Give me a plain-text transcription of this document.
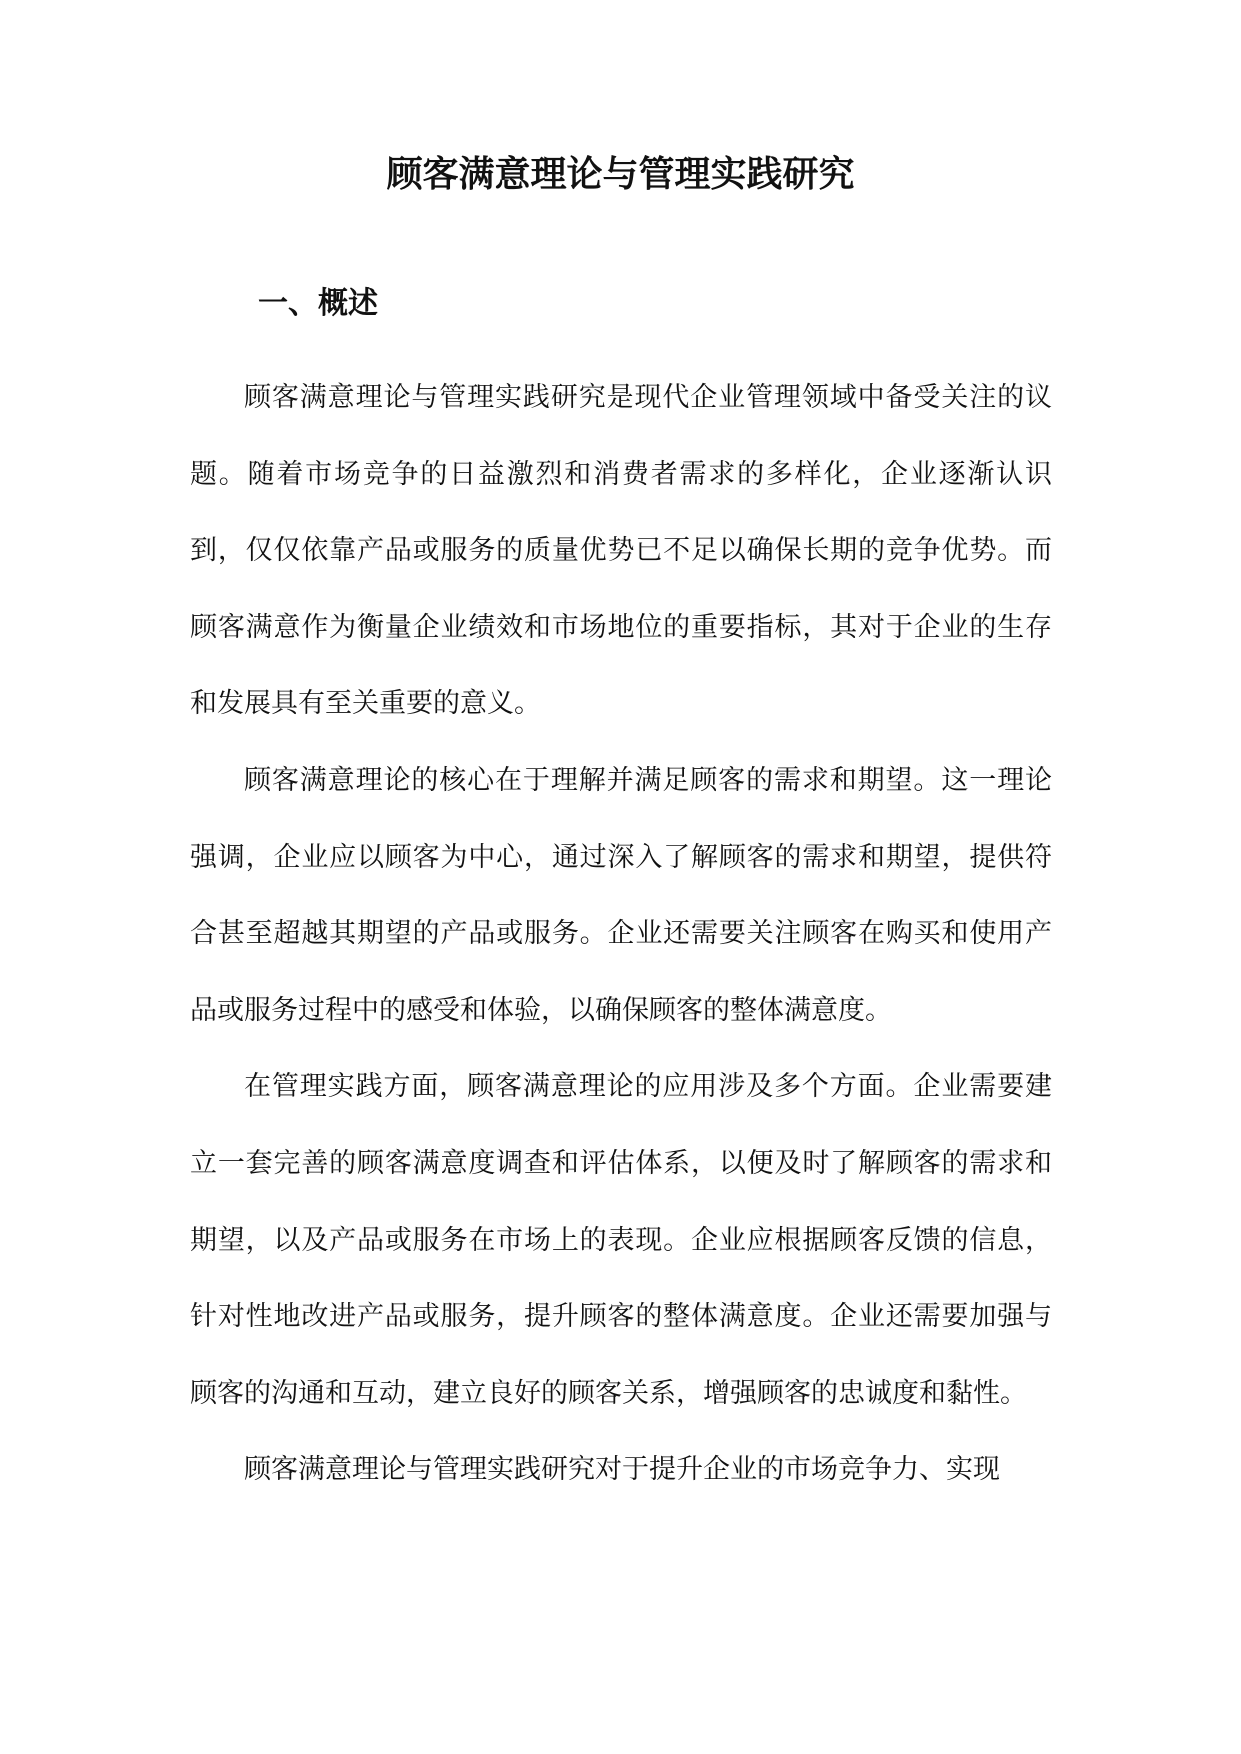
顾客满意理论与管理实践研究
一、概述

顾客满意理论与管理实践研究是现代企业管理领域中备受关注的议题。随着市场竞争的日益激烈和消费者需求的多样化，企业逐渐认识到，仅仅依靠产品或服务的质量优势已不足以确保长期的竞争优势。而顾客满意作为衡量企业绩效和市场地位的重要指标，其对于企业的生存和发展具有至关重要的意义。

顾客满意理论的核心在于理解并满足顾客的需求和期望。这一理论强调，企业应以顾客为中心，通过深入了解顾客的需求和期望，提供符合甚至超越其期望的产品或服务。企业还需要关注顾客在购买和使用产品或服务过程中的感受和体验，以确保顾客的整体满意度。

在管理实践方面，顾客满意理论的应用涉及多个方面。企业需要建立一套完善的顾客满意度调查和评估体系，以便及时了解顾客的需求和期望，以及产品或服务在市场上的表现。企业应根据顾客反馈的信息，针对性地改进产品或服务，提升顾客的整体满意度。企业还需要加强与顾客的沟通和互动，建立良好的顾客关系，增强顾客的忠诚度和黏性。

顾客满意理论与管理实践研究对于提升企业的市场竞争力、实现
